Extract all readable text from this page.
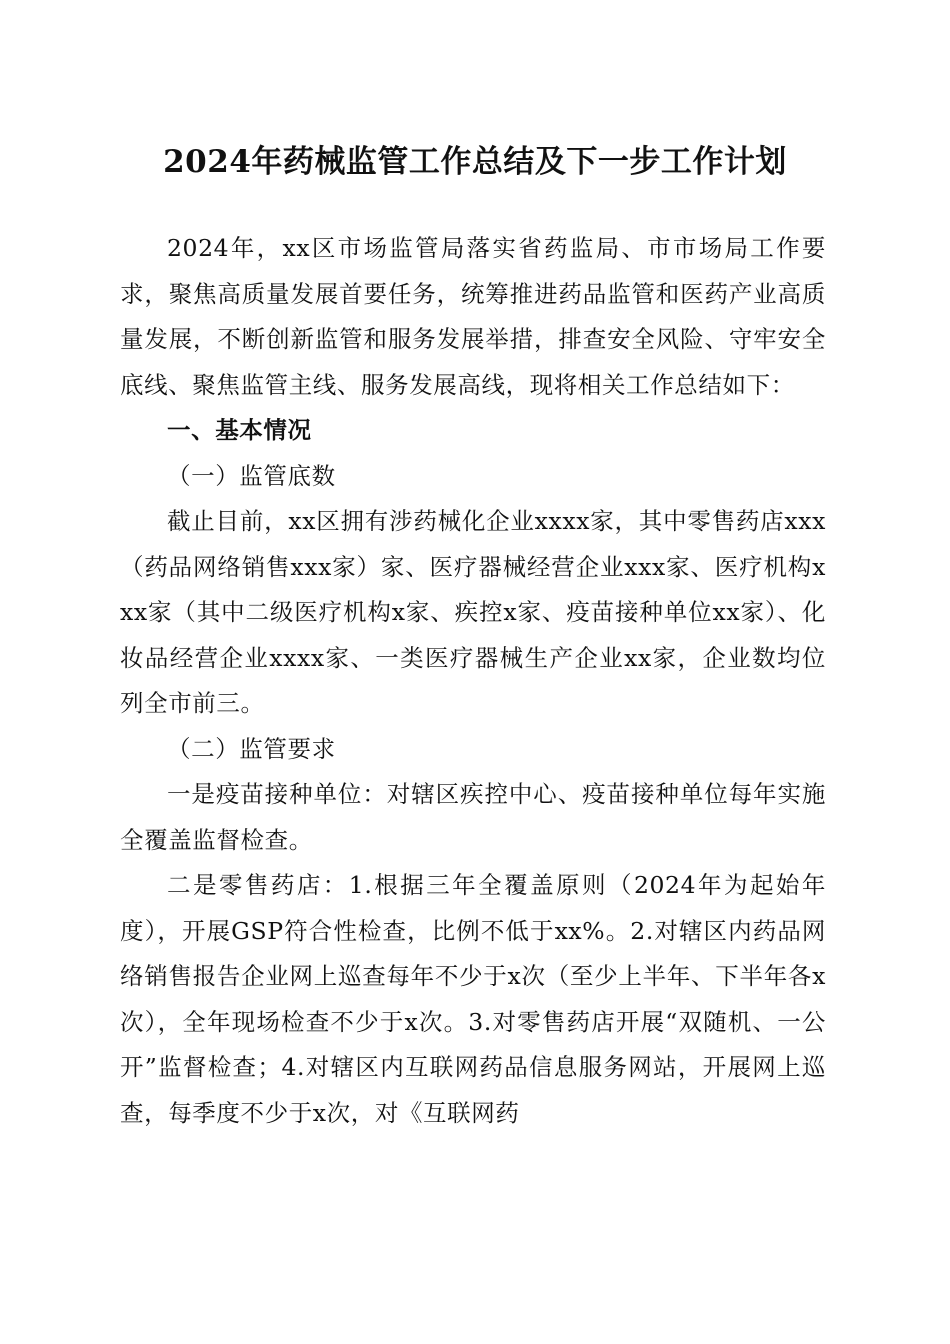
2024年药械监管工作总结及下一步工作计划

2024年，xx区市场监管局落实省药监局、市市场局工作要求，聚焦高质量发展首要任务，统筹推进药品监管和医药产业高质量发展，不断创新监管和服务发展举措，排查安全风险、守牢安全底线、聚焦监管主线、服务发展高线，现将相关工作总结如下：

一、基本情况

（一）监管底数

截止目前，xx区拥有涉药械化企业xxxx家，其中零售药店xxx（药品网络销售xxx家）家、医疗器械经营企业xxx家、医疗机构xxx家（其中二级医疗机构x家、疾控x家、疫苗接种单位xx家）、化妆品经营企业xxxx家、一类医疗器械生产企业xx家，企业数均位列全市前三。

（二）监管要求

一是疫苗接种单位：对辖区疾控中心、疫苗接种单位每年实施全覆盖监督检查。

二是零售药店：1.根据三年全覆盖原则（2024年为起始年度），开展GSP符合性检查，比例不低于xx%。2.对辖区内药品网络销售报告企业网上巡查每年不少于x次（至少上半年、下半年各x次），全年现场检查不少于x次。3.对零售药店开展“双随机、一公开”监督检查；4.对辖区内互联网药品信息服务网站，开展网上巡查，每季度不少于x次，对《互联网药
